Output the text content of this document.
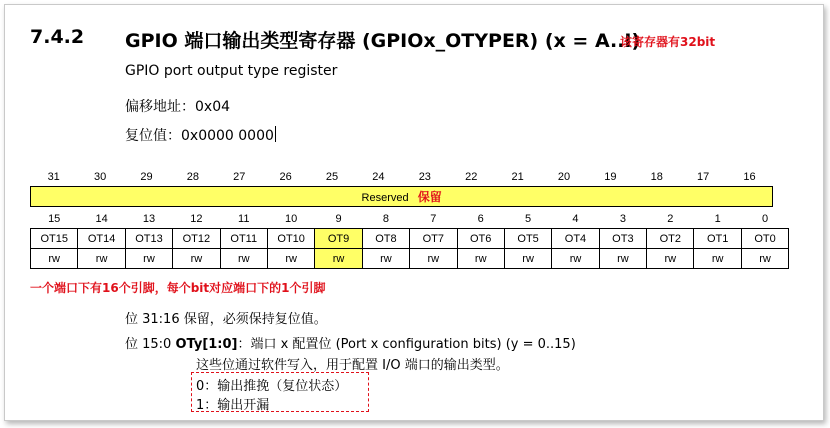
7.4.2 GPIO 端口输出类型寄存器 (GPIOx_OTYPER) (x = A..I)
该寄存器有32bit
GPIO port output type register
偏移地址：0x04
复位值：0x0000 0000
31	30	29	28	27	26	25	24	23	22	21	20	19	18	17	16
Reserved 保留
15	14	13	12	11	10	9	8	7	6	5	4	3	2	1	0
OT15	OT14	OT13	OT12	OT11	OT10	OT9	OT8	OT7	OT6	OT5	OT4	OT3	OT2	OT1	OT0
rw	rw	rw	rw	rw	rw	rw	rw	rw	rw	rw	rw	rw	rw	rw	rw
一个端口下有16个引脚，每个bit对应端口下的1个引脚
位 31:16 保留，必须保持复位值。
位 15:0 OTy[1:0]：端口 x 配置位 (Port x configuration bits) (y = 0..15)
这些位通过软件写入，用于配置 I/O 端口的输出类型。
0：输出推挽（复位状态）
1：输出开漏
